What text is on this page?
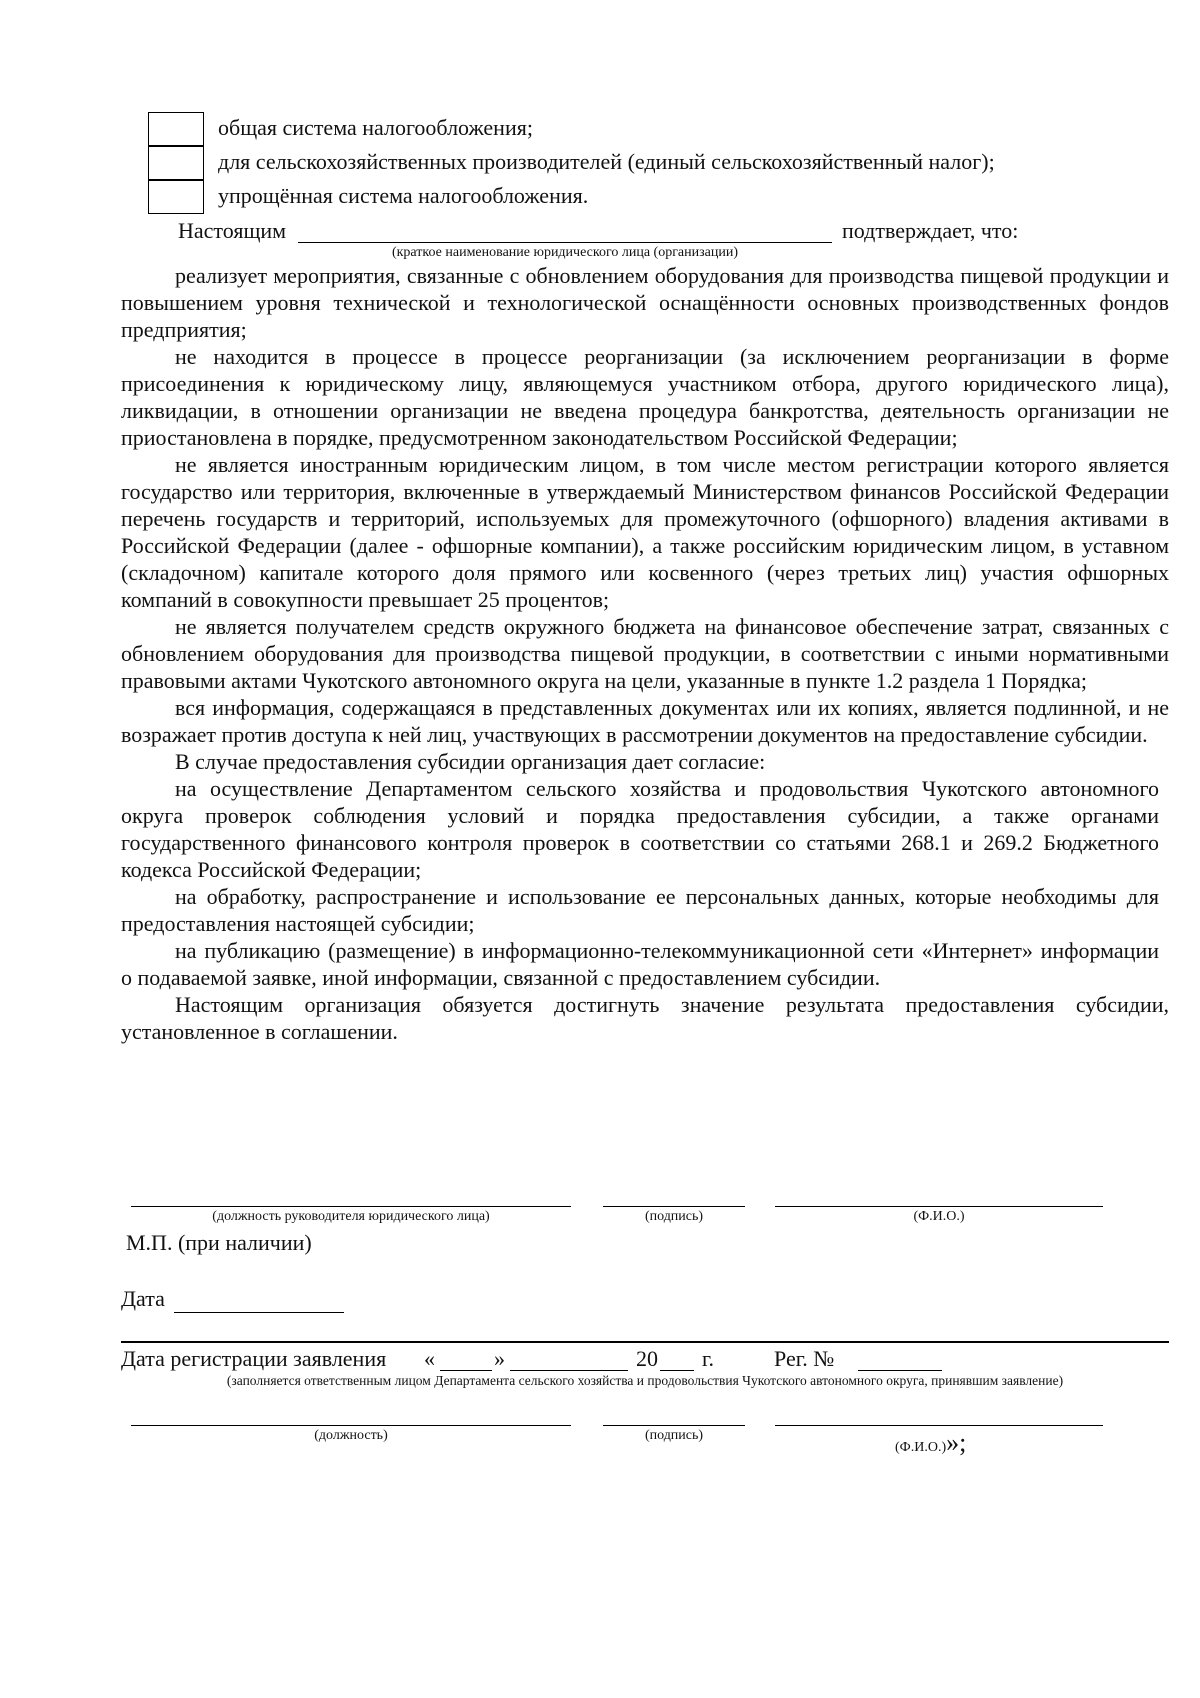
общая система налогообложения;
для сельскохозяйственных производителей (единый сельскохозяйственный налог);
упрощённая система налогообложения.
Настоящим	подтверждает, что:
(краткое наименование юридического лица (организации)

реализует мероприятия, связанные с обновлением оборудования для производства пищевой продукции и повышением уровня технической и технологической оснащённости основных производственных фондов предприятия;

не находится в процессе в процессе реорганизации (за исключением реорганизации в форме присоединения к юридическому лицу, являющемуся участником отбора, другого юридического лица), ликвидации, в отношении организации не введена процедура банкротства, деятельность организации не приостановлена в порядке, предусмотренном законодательством Российской Федерации;

не является иностранным юридическим лицом, в том числе местом регистрации которого является государство или территория, включенные в утверждаемый Министерством финансов Российской Федерации перечень государств и территорий, используемых для промежуточного (офшорного) владения активами в Российской Федерации (далее - офшорные компании), а также российским юридическим лицом, в уставном (складочном) капитале которого доля прямого или косвенного (через третьих лиц) участия офшорных компаний в совокупности превышает 25 процентов;

не является получателем средств окружного бюджета на финансовое обеспечение затрат, связанных с обновлением оборудования для производства пищевой продукции, в соответствии с иными нормативными правовыми актами Чукотского автономного округа на цели, указанные в пункте 1.2 раздела 1 Порядка;

вся информация, содержащаяся в представленных документах или их копиях, является подлинной, и не возражает против доступа к ней лиц, участвующих в рассмотрении документов на предоставление субсидии.

В случае предоставления субсидии организация дает согласие:

на осуществление Департаментом сельского хозяйства и продовольствия Чукотского автономного округа проверок соблюдения условий и порядка предоставления субсидии, а также органами государственного финансового контроля проверок в соответствии со статьями 268.1 и 269.2 Бюджетного кодекса Российской Федерации;

на обработку, распространение и использование ее персональных данных, которые необходимы для предоставления настоящей субсидии;

на публикацию (размещение) в информационно-телекоммуникационной сети «Интернет» информации о подаваемой заявке, иной информации, связанной с предоставлением субсидии.

Настоящим организация обязуется достигнуть значение результата предоставления субсидии, установленное в соглашении.

(должность руководителя юридического лица)	(подпись)	(Ф.И.О.)
М.П. (при наличии)
Дата
Дата регистрации заявления «	»	20 г.	Рег. №
(заполняется ответственным лицом Департамента сельского хозяйства и продовольствия Чукотского автономного округа, принявшим заявление)
(должность)	(подпись)
(Ф.И.О.)»;
